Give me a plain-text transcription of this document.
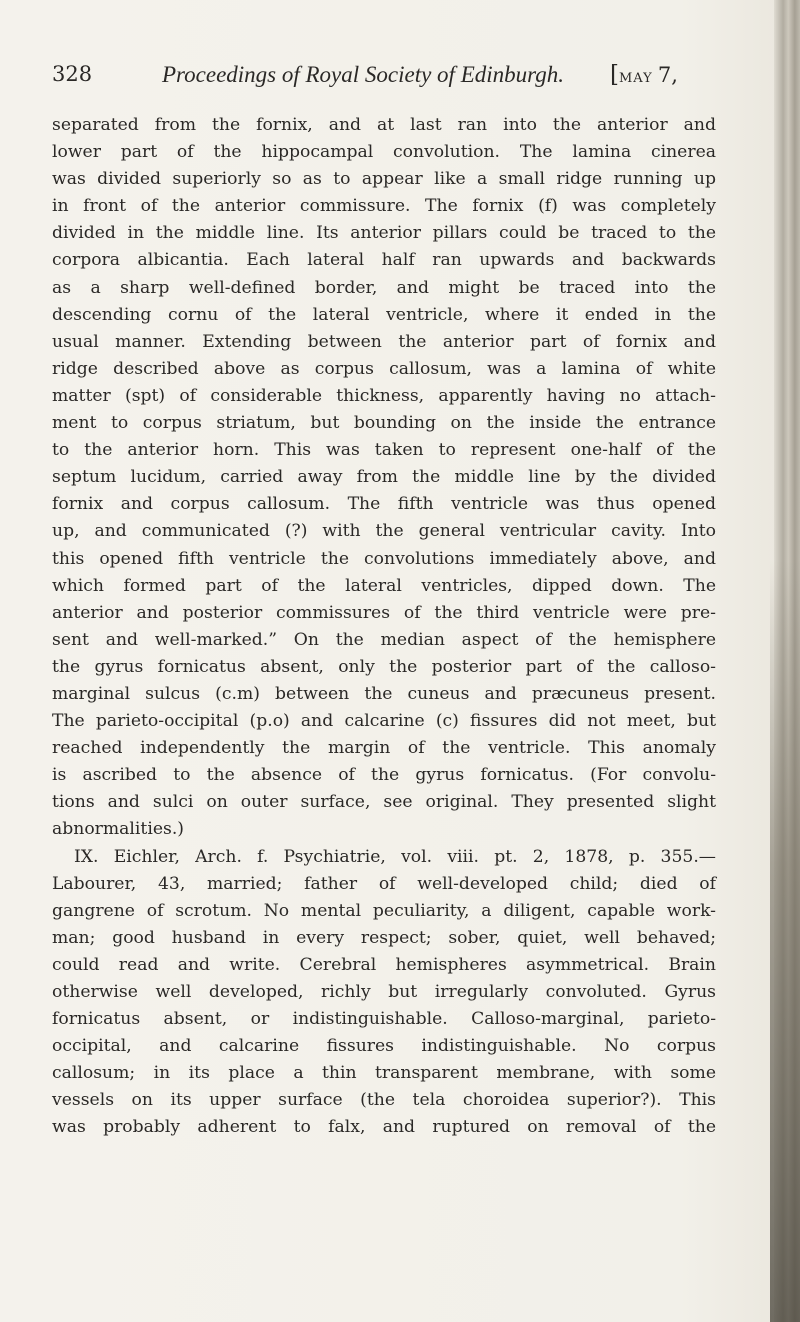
328	Proceedings of Royal Society of Edinburgh. [MAY 7,
separated from the fornix, and at last ran into the anterior and
lower part of the hippocampal convolution. The lamina cinerea
was divided superiorly so as to appear like a small ridge running up
in front of the anterior commissure. The fornix (f) was completely
divided in the middle line. Its anterior pillars could be traced to the
corpora albicantia. Each lateral half ran upwards and backwards
as a sharp well-defined border, and might be traced into the
descending cornu of the lateral ventricle, where it ended in the
usual manner. Extending between the anterior part of fornix and
ridge described above as corpus callosum, was a lamina of white
matter (spt) of considerable thickness, apparently having no attach-
ment to corpus striatum, but bounding on the inside the entrance
to the anterior horn. This was taken to represent one-half of the
septum lucidum, carried away from the middle line by the divided
fornix and corpus callosum. The fifth ventricle was thus opened
up, and communicated (?) with the general ventricular cavity. Into
this opened fifth ventricle the convolutions immediately above, and
which formed part of the lateral ventricles, dipped down. The
anterior and posterior commissures of the third ventricle were pre-
sent and well-marked.” On the median aspect of the hemisphere
the gyrus fornicatus absent, only the posterior part of the calloso-
marginal sulcus (c.m) between the cuneus and præcuneus present.
The parieto-occipital (p.o) and calcarine (c) fissures did not meet, but
reached independently the margin of the ventricle. This anomaly
is ascribed to the absence of the gyrus fornicatus. (For convolu-
tions and sulci on outer surface, see original. They presented slight
abnormalities.)
IX. Eichler, Arch. f. Psychiatrie, vol. viii. pt. 2, 1878, p. 355.—
Labourer, 43, married; father of well-developed child; died of
gangrene of scrotum. No mental peculiarity, a diligent, capable work-
man; good husband in every respect; sober, quiet, well behaved;
could read and write. Cerebral hemispheres asymmetrical. Brain
otherwise well developed, richly but irregularly convoluted. Gyrus
fornicatus absent, or indistinguishable. Calloso-marginal, parieto-
occipital, and calcarine fissures indistinguishable. No corpus
callosum; in its place a thin transparent membrane, with some
vessels on its upper surface (the tela choroidea superior?). This
was probably adherent to falx, and ruptured on removal of the
